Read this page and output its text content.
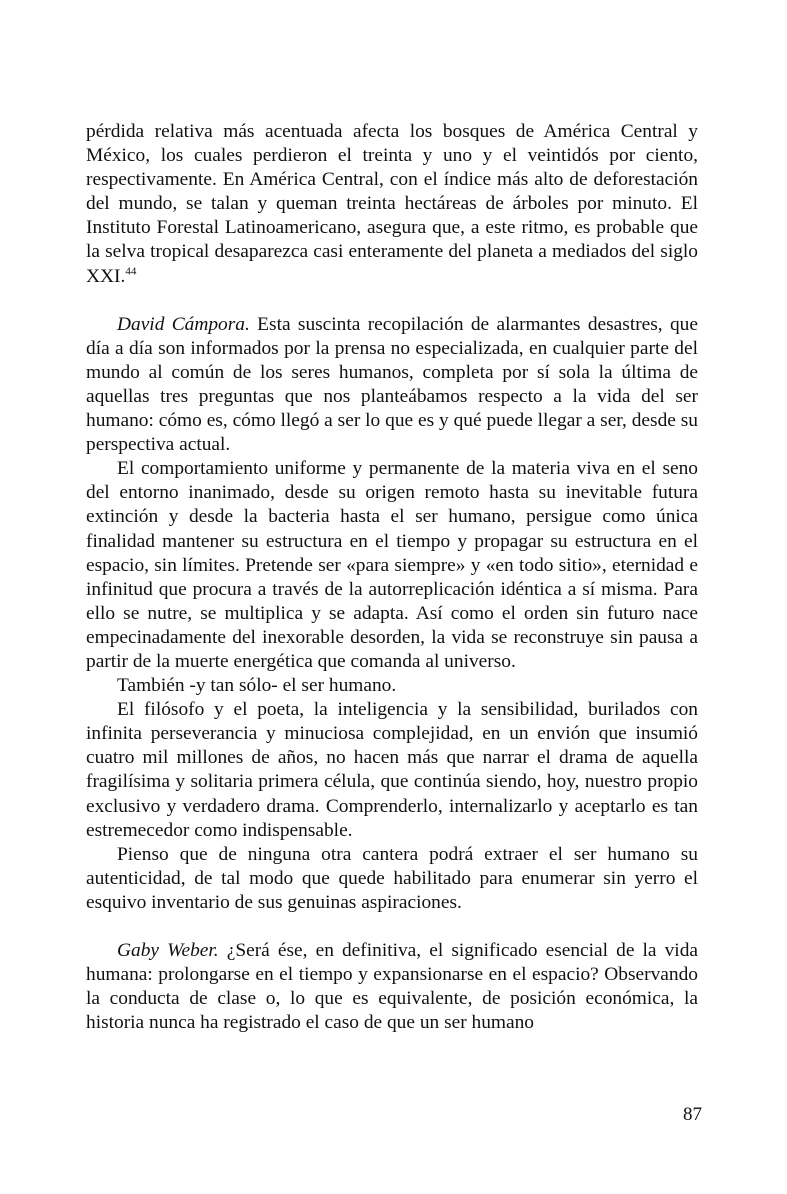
pérdida relativa más acentuada afecta los bosques de América Central y México, los cuales perdieron el treinta y uno y el veintidós por ciento, respectivamente. En América Central, con el índice más alto de deforestación del mundo, se talan y queman treinta hectáreas de árboles por minuto. El Instituto Forestal Latinoamericano, asegura que, a este ritmo, es probable que la selva tropical desaparezca casi enteramente del planeta a mediados del siglo XXI.$^{44}$

David Cámpora. Esta suscinta recopilación de alarmantes desastres, que día a día son informados por la prensa no especializada, en cualquier parte del mundo al común de los seres humanos, completa por sí sola la última de aquellas tres preguntas que nos planteábamos respecto a la vida del ser humano: cómo es, cómo llegó a ser lo que es y qué puede llegar a ser, desde su perspectiva actual.

El comportamiento uniforme y permanente de la materia viva en el seno del entorno inanimado, desde su origen remoto hasta su inevitable futura extinción y desde la bacteria hasta el ser humano, persigue como única finalidad mantener su estructura en el tiempo y propagar su estructura en el espacio, sin límites. Pretende ser «para siempre» y «en todo sitio», eternidad e infinitud que procura a través de la autorreplicación idéntica a sí misma. Para ello se nutre, se multiplica y se adapta. Así como el orden sin futuro nace empecinadamente del inexorable desorden, la vida se reconstruye sin pausa a partir de la muerte energética que comanda al universo.

También -y tan sólo- el ser humano.

El filósofo y el poeta, la inteligencia y la sensibilidad, burilados con infinita perseverancia y minuciosa complejidad, en un envión que insumió cuatro mil millones de años, no hacen más que narrar el drama de aquella fragilísima y solitaria primera célula, que continúa siendo, hoy, nuestro propio exclusivo y verdadero drama. Comprenderlo, internalizarlo y aceptarlo es tan estremecedor como indispensable.

Pienso que de ninguna otra cantera podrá extraer el ser humano su autenticidad, de tal modo que quede habilitado para enumerar sin yerro el esquivo inventario de sus genuinas aspiraciones.

Gaby Weber. ¿Será ése, en definitiva, el significado esencial de la vida humana: prolongarse en el tiempo y expansionarse en el espacio? Observando la conducta de clase o, lo que es equivalente, de posición económica, la historia nunca ha registrado el caso de que un ser humano

87
